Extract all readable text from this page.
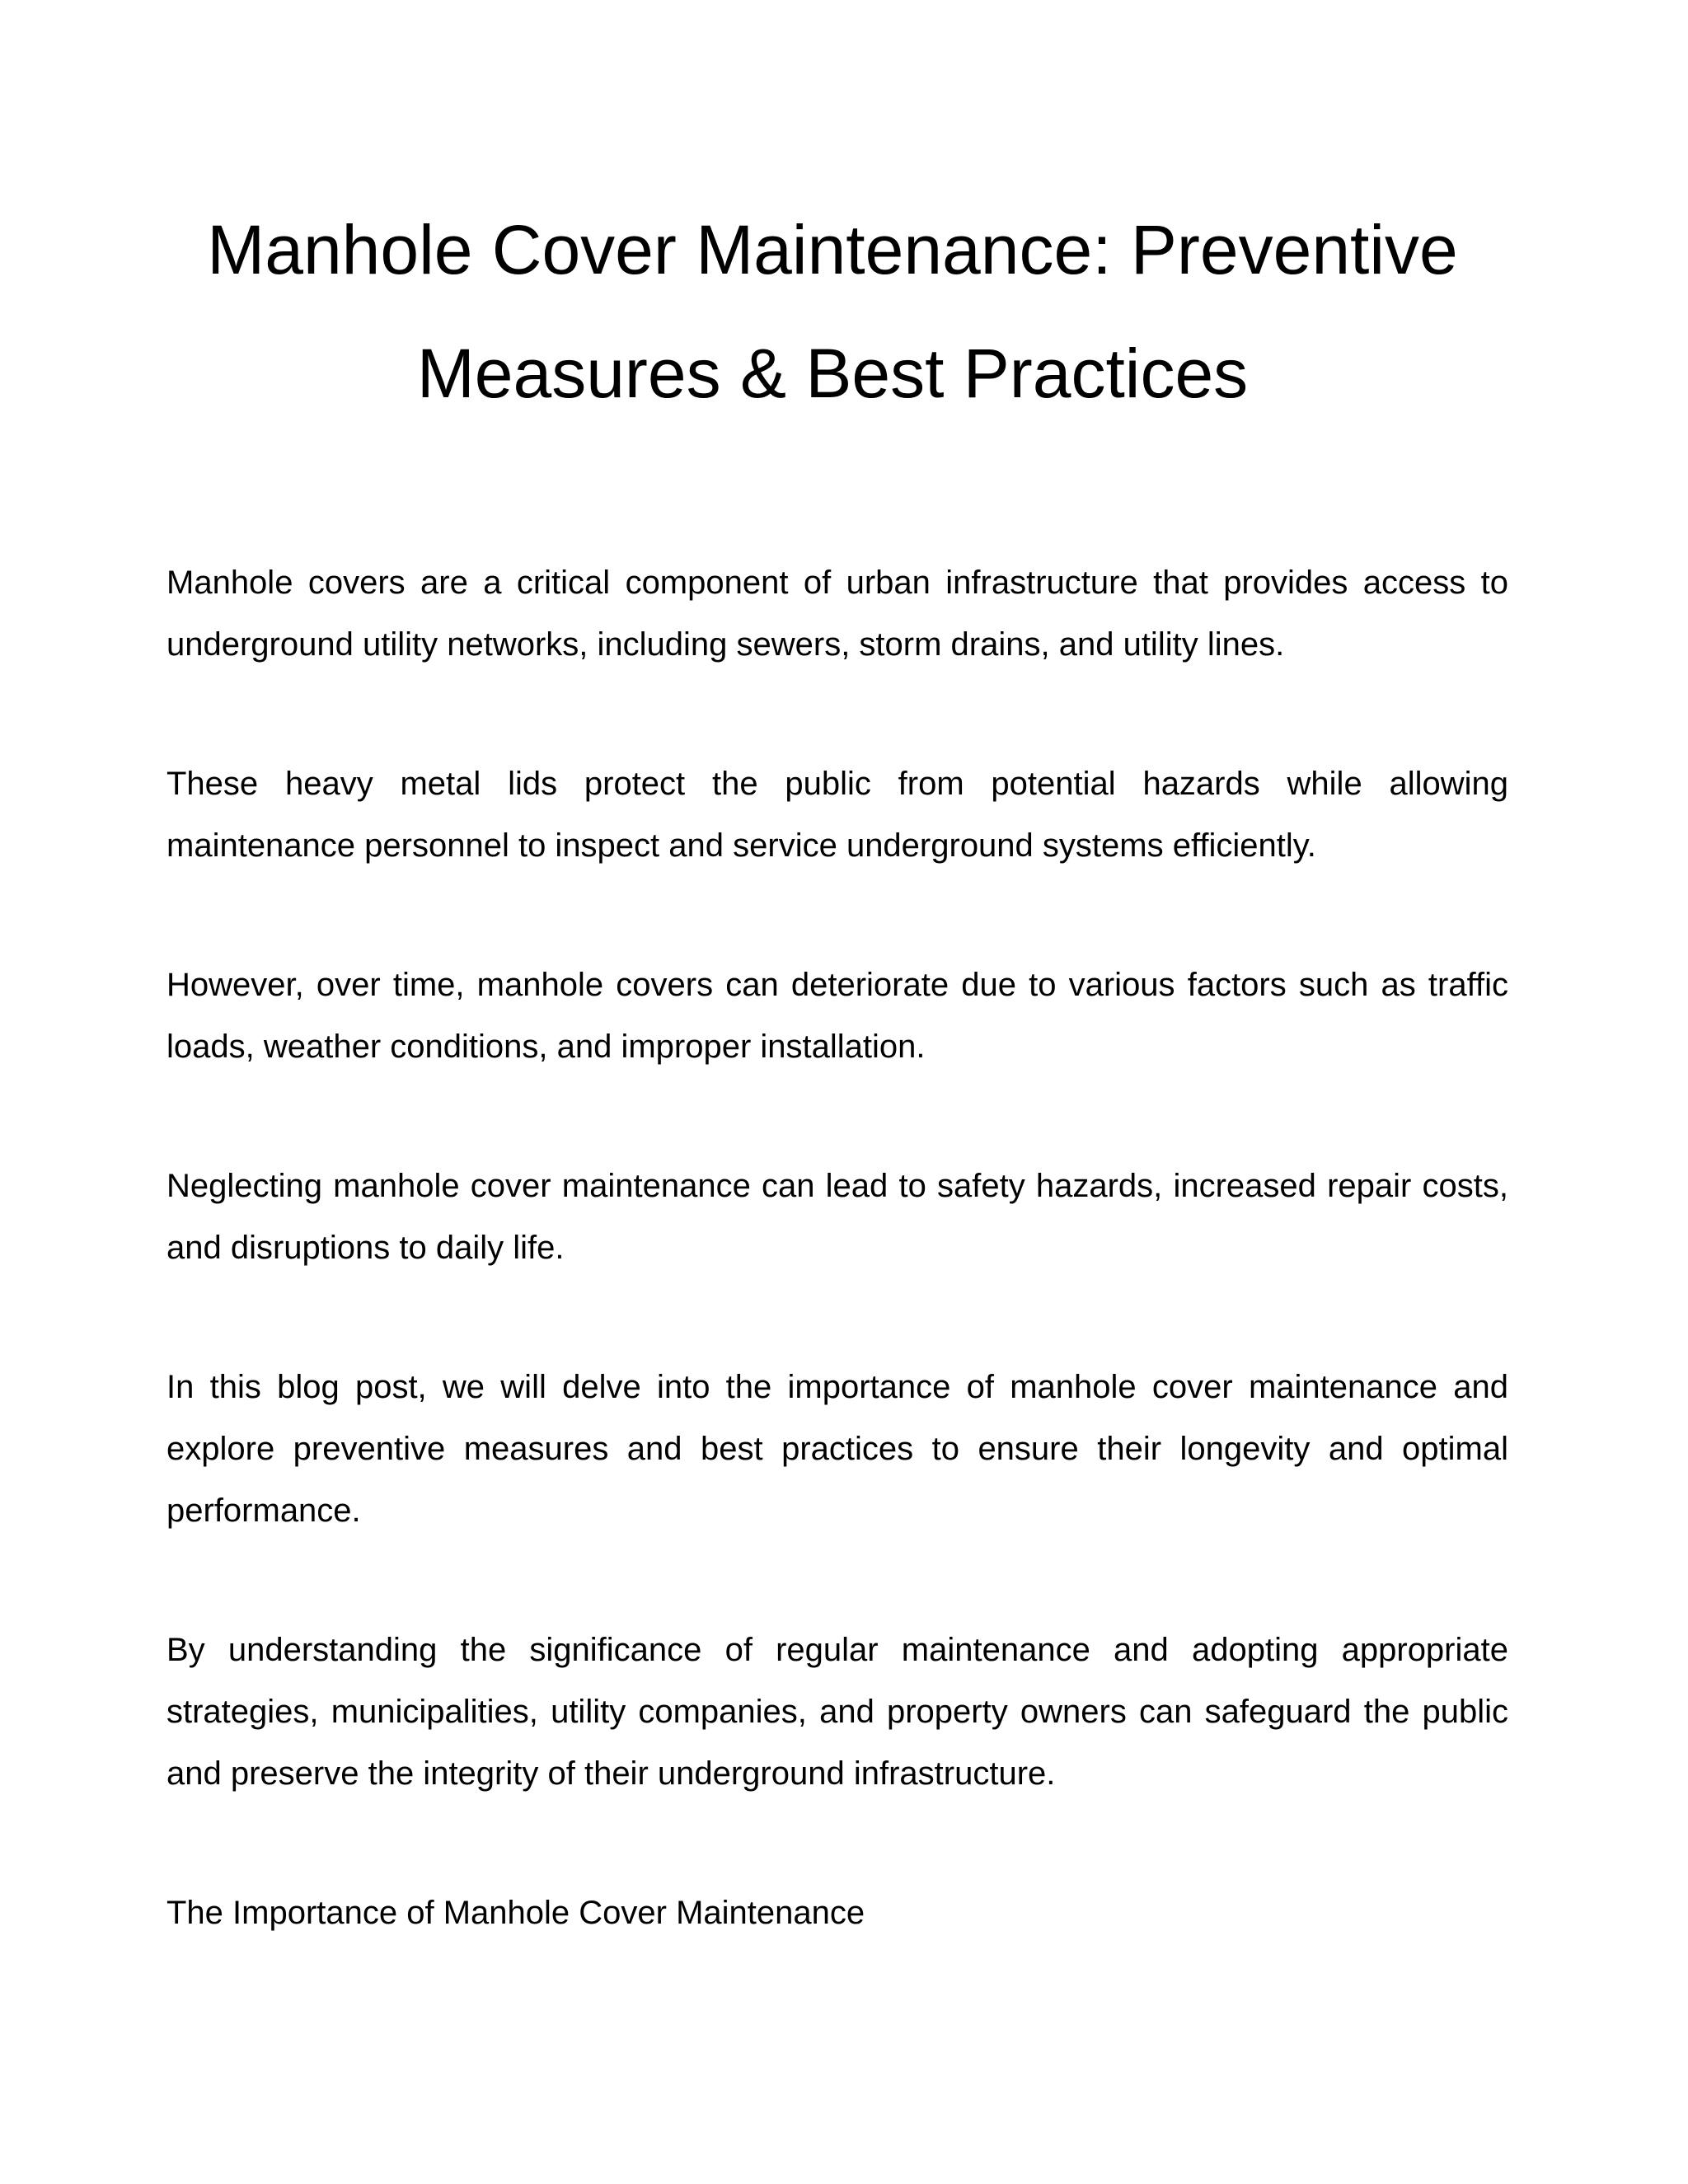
Manhole Cover Maintenance: Preventive Measures & Best Practices

Manhole covers are a critical component of urban infrastructure that provides access to underground utility networks, including sewers, storm drains, and utility lines.

These heavy metal lids protect the public from potential hazards while allowing maintenance personnel to inspect and service underground systems efficiently.

However, over time, manhole covers can deteriorate due to various factors such as traffic loads, weather conditions, and improper installation.

Neglecting manhole cover maintenance can lead to safety hazards, increased repair costs, and disruptions to daily life.

In this blog post, we will delve into the importance of manhole cover maintenance and explore preventive measures and best practices to ensure their longevity and optimal performance.

By understanding the significance of regular maintenance and adopting appropriate strategies, municipalities, utility companies, and property owners can safeguard the public and preserve the integrity of their underground infrastructure.

The Importance of Manhole Cover Maintenance
